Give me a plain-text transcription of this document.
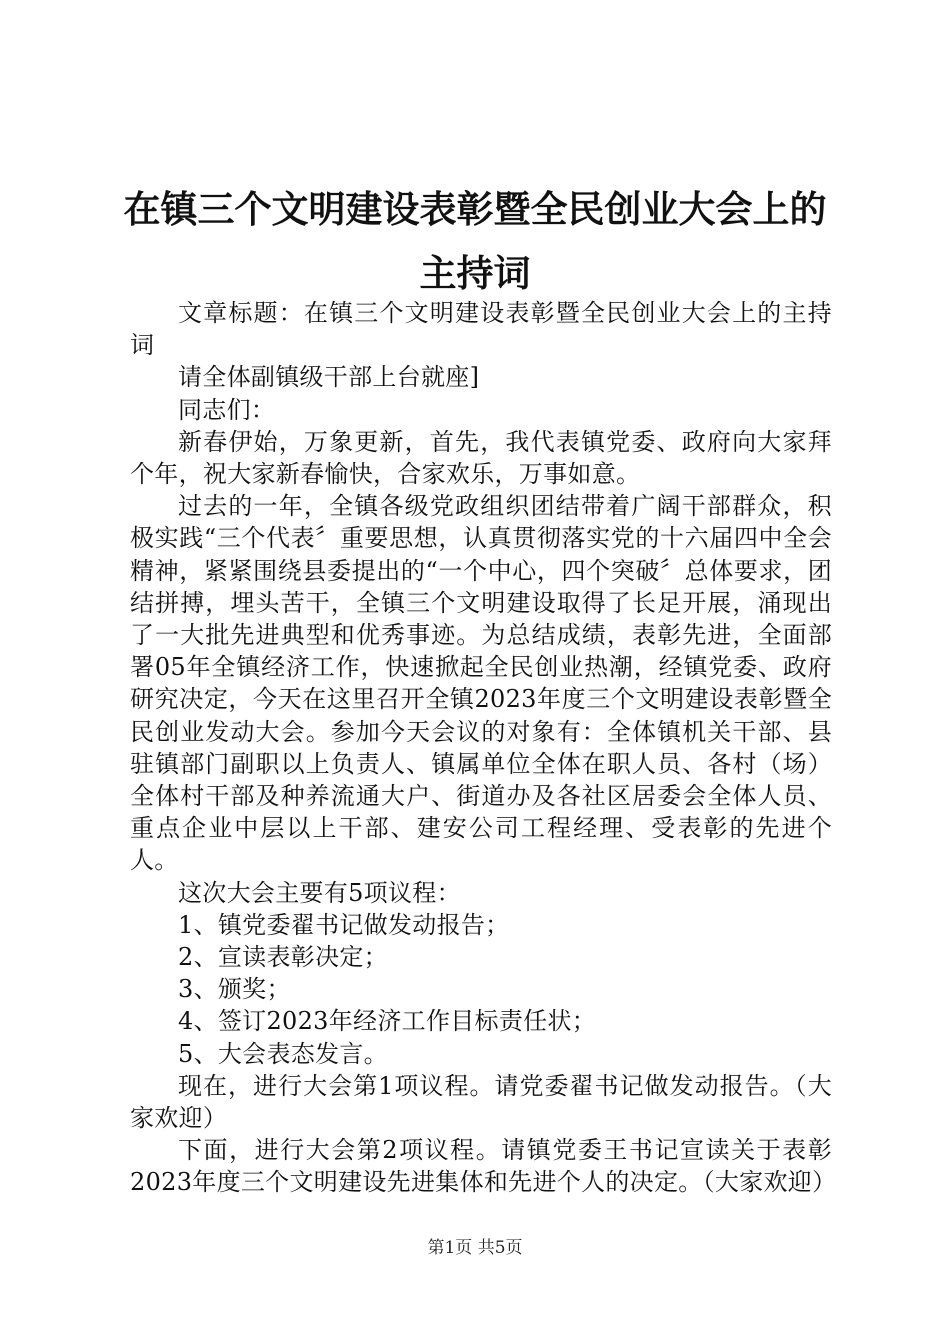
在镇三个文明建设表彰暨全民创业大会上的主持词

文章标题：在镇三个文明建设表彰暨全民创业大会上的主持词

请全体副镇级干部上台就座]

同志们：

新春伊始，万象更新，首先，我代表镇党委、政府向大家拜个年，祝大家新春愉快，合家欢乐，万事如意。

过去的一年，全镇各级党政组织团结带着广阔干部群众，积极实践“三个代表〞重要思想，认真贯彻落实党的十六届四中全会精神，紧紧围绕县委提出的“一个中心，四个突破〞总体要求，团结拼搏，埋头苦干，全镇三个文明建设取得了长足开展，涌现出了一大批先进典型和优秀事迹。为总结成绩，表彰先进，全面部署05年全镇经济工作，快速掀起全民创业热潮，经镇党委、政府研究决定，今天在这里召开全镇2023年度三个文明建设表彰暨全民创业发动大会。参加今天会议的对象有：全体镇机关干部、县驻镇部门副职以上负责人、镇属单位全体在职人员、各村（场）全体村干部及种养流通大户、街道办及各社区居委会全体人员、重点企业中层以上干部、建安公司工程经理、受表彰的先进个人。

这次大会主要有5项议程：

1、镇党委翟书记做发动报告；

2、宣读表彰决定；

3、颁奖；

4、签订2023年经济工作目标责任状；

5、大会表态发言。

现在，进行大会第1项议程。请党委翟书记做发动报告。（大家欢迎）

下面，进行大会第2项议程。请镇党委王书记宣读关于表彰2023年度三个文明建设先进集体和先进个人的决定。（大家欢迎）

第1页 共5页
